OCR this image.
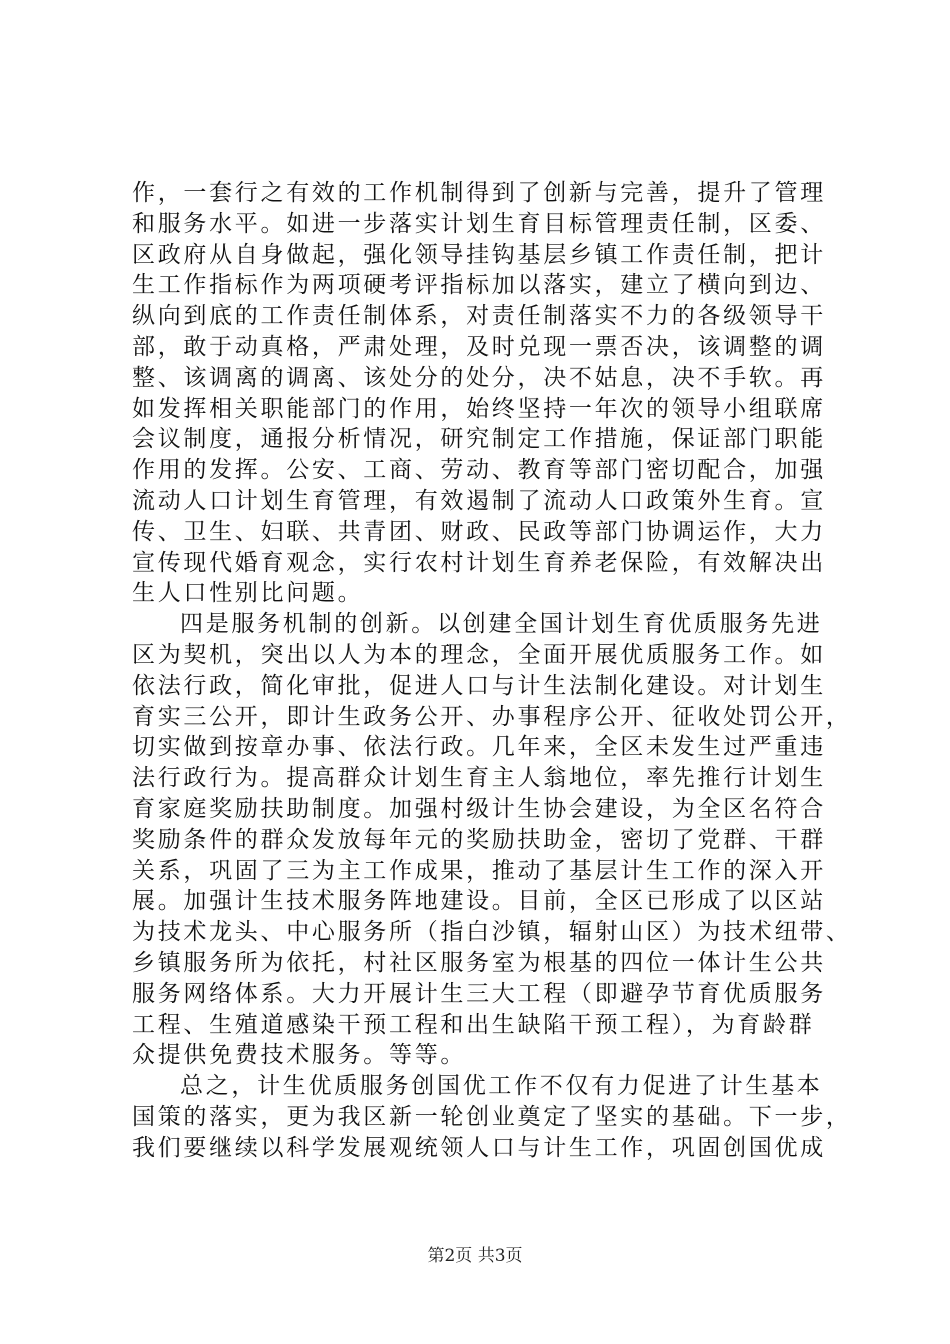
作，一套行之有效的工作机制得到了创新与完善，提升了管理
和服务水平。如进一步落实计划生育目标管理责任制，区委、
区政府从自身做起，强化领导挂钩基层乡镇工作责任制，把计
生工作指标作为两项硬考评指标加以落实，建立了横向到边、
纵向到底的工作责任制体系，对责任制落实不力的各级领导干
部，敢于动真格，严肃处理，及时兑现一票否决，该调整的调
整、该调离的调离、该处分的处分，决不姑息，决不手软。再
如发挥相关职能部门的作用，始终坚持一年次的领导小组联席
会议制度，通报分析情况，研究制定工作措施，保证部门职能
作用的发挥。公安、工商、劳动、教育等部门密切配合，加强
流动人口计划生育管理，有效遏制了流动人口政策外生育。宣
传、卫生、妇联、共青团、财政、民政等部门协调运作，大力
宣传现代婚育观念，实行农村计划生育养老保险，有效解决出
生人口性别比问题。
四是服务机制的创新。以创建全国计划生育优质服务先进
区为契机，突出以人为本的理念，全面开展优质服务工作。如
依法行政，简化审批，促进人口与计生法制化建设。对计划生
育实三公开，即计生政务公开、办事程序公开、征收处罚公开，
切实做到按章办事、依法行政。几年来，全区未发生过严重违
法行政行为。提高群众计划生育主人翁地位，率先推行计划生
育家庭奖励扶助制度。加强村级计生协会建设，为全区名符合
奖励条件的群众发放每年元的奖励扶助金，密切了党群、干群
关系，巩固了三为主工作成果，推动了基层计生工作的深入开
展。加强计生技术服务阵地建设。目前，全区已形成了以区站
为技术龙头、中心服务所（指白沙镇，辐射山区）为技术纽带、
乡镇服务所为依托，村社区服务室为根基的四位一体计生公共
服务网络体系。大力开展计生三大工程（即避孕节育优质服务
工程、生殖道感染干预工程和出生缺陷干预工程），为育龄群
众提供免费技术服务。等等。
总之，计生优质服务创国优工作不仅有力促进了计生基本
国策的落实，更为我区新一轮创业奠定了坚实的基础。下一步，
我们要继续以科学发展观统领人口与计生工作，巩固创国优成
第2页 共3页
